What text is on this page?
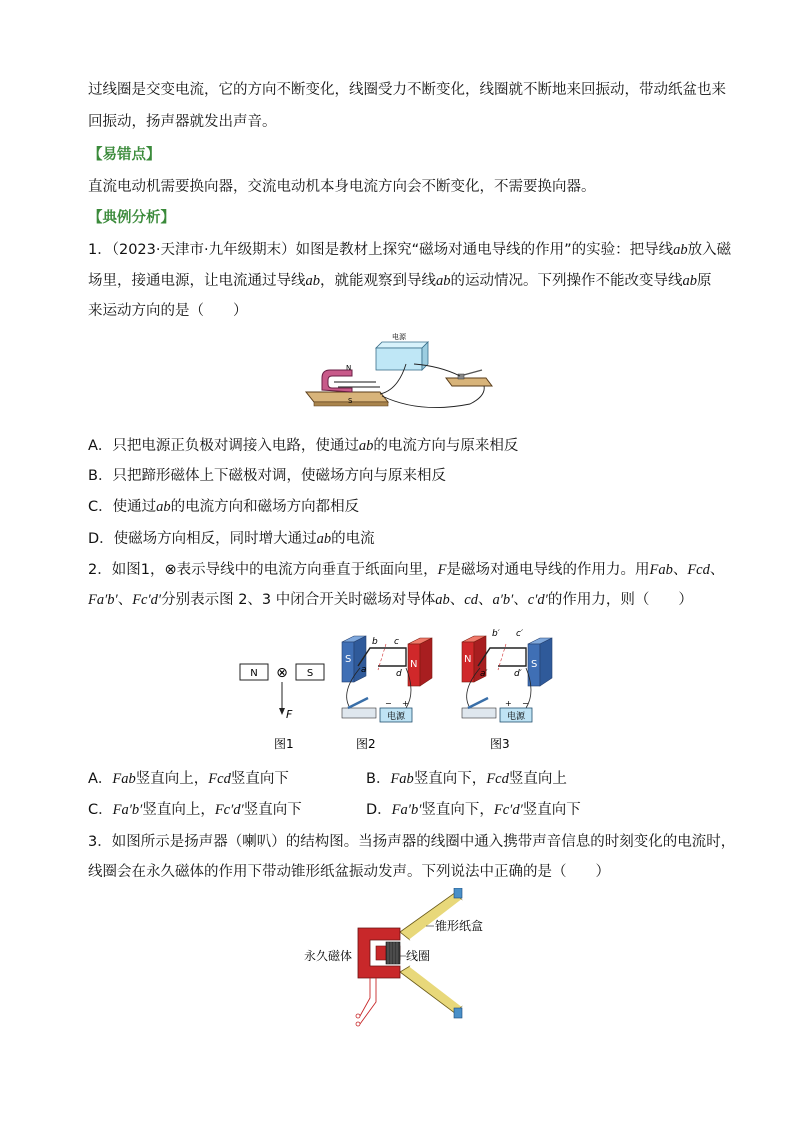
过线圈是交变电流，它的方向不断变化，线圈受力不断变化，线圈就不断地来回振动，带动纸盆也来
回振动，扬声器就发出声音。
【易错点】
直流电动机需要换向器，交流电动机本身电流方向会不断变化，不需要换向器。
【典例分析】
1．（2023·天津市·九年级期末）如图是教材上探究“磁场对通电导线的作用”的实验：把导线ab放入磁
场里，接通电源，让电流通过导线ab，就能观察到导线ab的运动情况。下列操作不能改变导线ab原
来运动方向的是（　　）
N
S
电源
A．只把电源正负极对调接入电路，使通过ab的电流方向与原来相反
B．只把蹄形磁体上下磁极对调，使磁场方向与原来相反
C．使通过ab的电流方向和磁场方向都相反
D．使磁场方向相反，同时增大通过ab的电流
2．如图1，⊗表示导线中的电流方向垂直于纸面向里，F是磁场对通电导线的作用力。用Fab、Fcd、
Fa′b′、Fc′d′分别表示图 2、3 中闭合开关时磁场对导体ab、cd、a′b′、c′d′的作用力，则（　　）
N ⊗ S
F
图1
S	N
b c
a	d
电源
− +
图2
N	S
b′ c′
a′	d′
电源
+ −
图3
A．Fab竖直向上，Fcd竖直向下	B．Fab竖直向下，Fcd竖直向上
C．Fa′b′竖直向上，Fc′d′竖直向下	D．Fa′b′竖直向下，Fc′d′竖直向下
3．如图所示是扬声器（喇叭）的结构图。当扬声器的线圈中通入携带声音信息的时刻变化的电流时，
线圈会在永久磁体的作用下带动锥形纸盆振动发声。下列说法中正确的是（　　）
锥形纸盒
永久磁体	线圈
